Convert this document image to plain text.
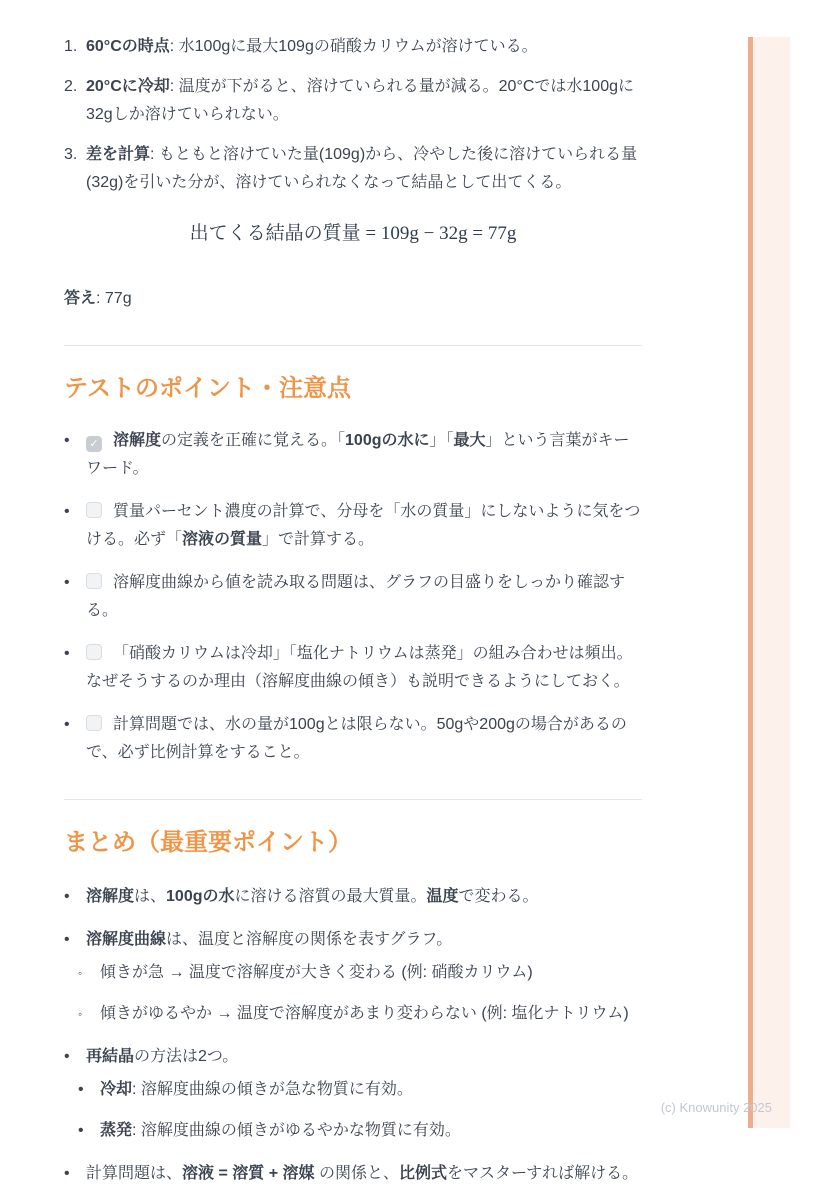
1. 60°Cの時点: 水100gに最大109gの硝酸カリウムが溶けている。
2. 20°Cに冷却: 温度が下がると、溶けていられる量が減る。20°Cでは水100gに32gしか溶けていられない。
3. 差を計算: もともと溶けていた量(109g)から、冷やした後に溶けていられる量(32g)を引いた分が、溶けていられなくなって結晶として出てくる。

出てくる結晶の質量 = 109g − 32g = 77g

答え: 77g

テストのポイント・注意点
•	✓ 溶解度の定義を正確に覚える。「100gの水に」「最大」という言葉がキーワード。
•	質量パーセント濃度の計算で、分母を「水の質量」にしないように気をつける。必ず「溶液の質量」で計算する。
•	溶解度曲線から値を読み取る問題は、グラフの目盛りをしっかり確認する。
•	「硝酸カリウムは冷却」「塩化ナトリウムは蒸発」の組み合わせは頻出。なぜそうするのか理由（溶解度曲線の傾き）も説明できるようにしておく。
•	計算問題では、水の量が100gとは限らない。50gや200gの場合があるので、必ず比例計算をすること。
まとめ（最重要ポイント）
•	溶解度は、100gの水に溶ける溶質の最大質量。温度で変わる。
•	溶解度曲線は、温度と溶解度の関係を表すグラフ。
◦	傾きが急 → 温度で溶解度が大きく変わる (例: 硝酸カリウム)
◦	傾きがゆるやか → 温度で溶解度があまり変わらない (例: 塩化ナトリウム)
•	再結晶の方法は2つ。
•	冷却: 溶解度曲線の傾きが急な物質に有効。
•	蒸発: 溶解度曲線の傾きがゆるやかな物質に有効。
•	計算問題は、溶液 = 溶質 + 溶媒 の関係と、比例式をマスターすれば解ける。
(c) Knowunity 2025
